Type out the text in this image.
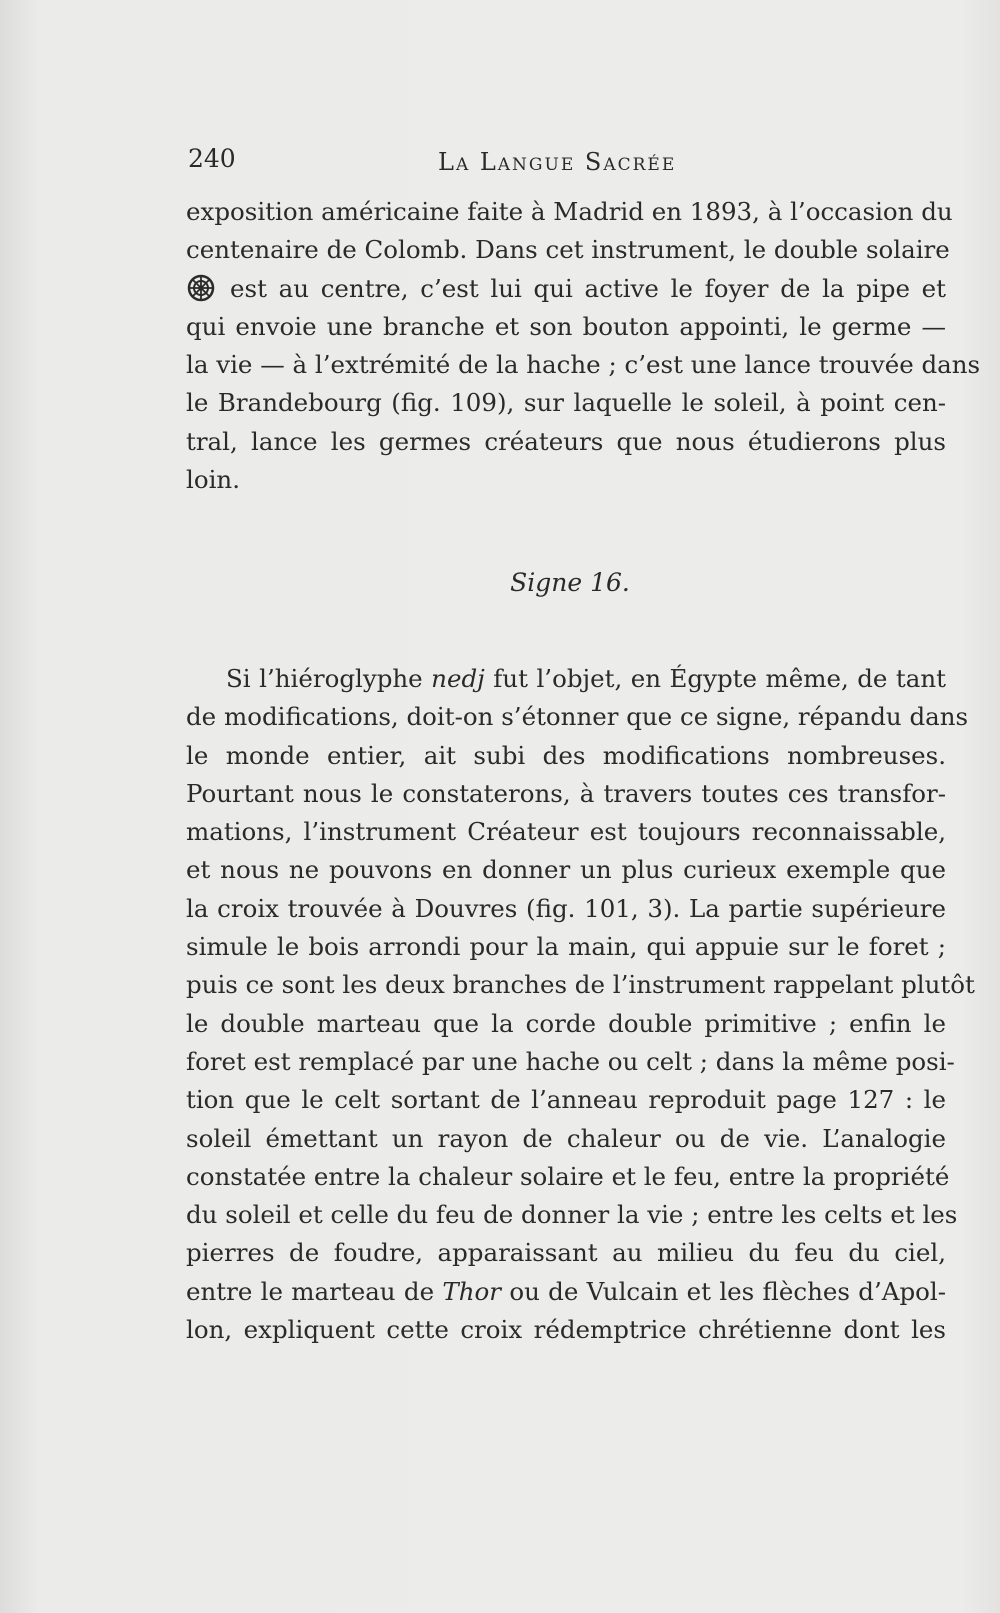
240	La Langue Sacrée
exposition américaine faite à Madrid en 1893, à l’occasion du
centenaire de Colomb. Dans cet instrument, le double solaire
est au centre, c’est lui qui active le foyer de la pipe et
qui envoie une branche et son bouton appointi, le germe —
la vie — à l’extrémité de la hache ; c’est une lance trouvée dans
le Brandebourg (fig. 109), sur laquelle le soleil, à point cen-
tral, lance les germes créateurs que nous étudierons plus
loin.
Signe 16.
Si l’hiéroglyphe nedj fut l’objet, en Égypte même, de tant
de modifications, doit-on s’étonner que ce signe, répandu dans
le monde entier, ait subi des modifications nombreuses.
Pourtant nous le constaterons, à travers toutes ces transfor-
mations, l’instrument Créateur est toujours reconnaissable,
et nous ne pouvons en donner un plus curieux exemple que
la croix trouvée à Douvres (fig. 101, 3). La partie supérieure
simule le bois arrondi pour la main, qui appuie sur le foret ;
puis ce sont les deux branches de l’instrument rappelant plutôt
le double marteau que la corde double primitive ; enfin le
foret est remplacé par une hache ou celt ; dans la même posi-
tion que le celt sortant de l’anneau reproduit page 127 : le
soleil émettant un rayon de chaleur ou de vie. L’analogie
constatée entre la chaleur solaire et le feu, entre la propriété
du soleil et celle du feu de donner la vie ; entre les celts et les
pierres de foudre, apparaissant au milieu du feu du ciel,
entre le marteau de Thor ou de Vulcain et les flèches d’Apol-
lon, expliquent cette croix rédemptrice chrétienne dont les
